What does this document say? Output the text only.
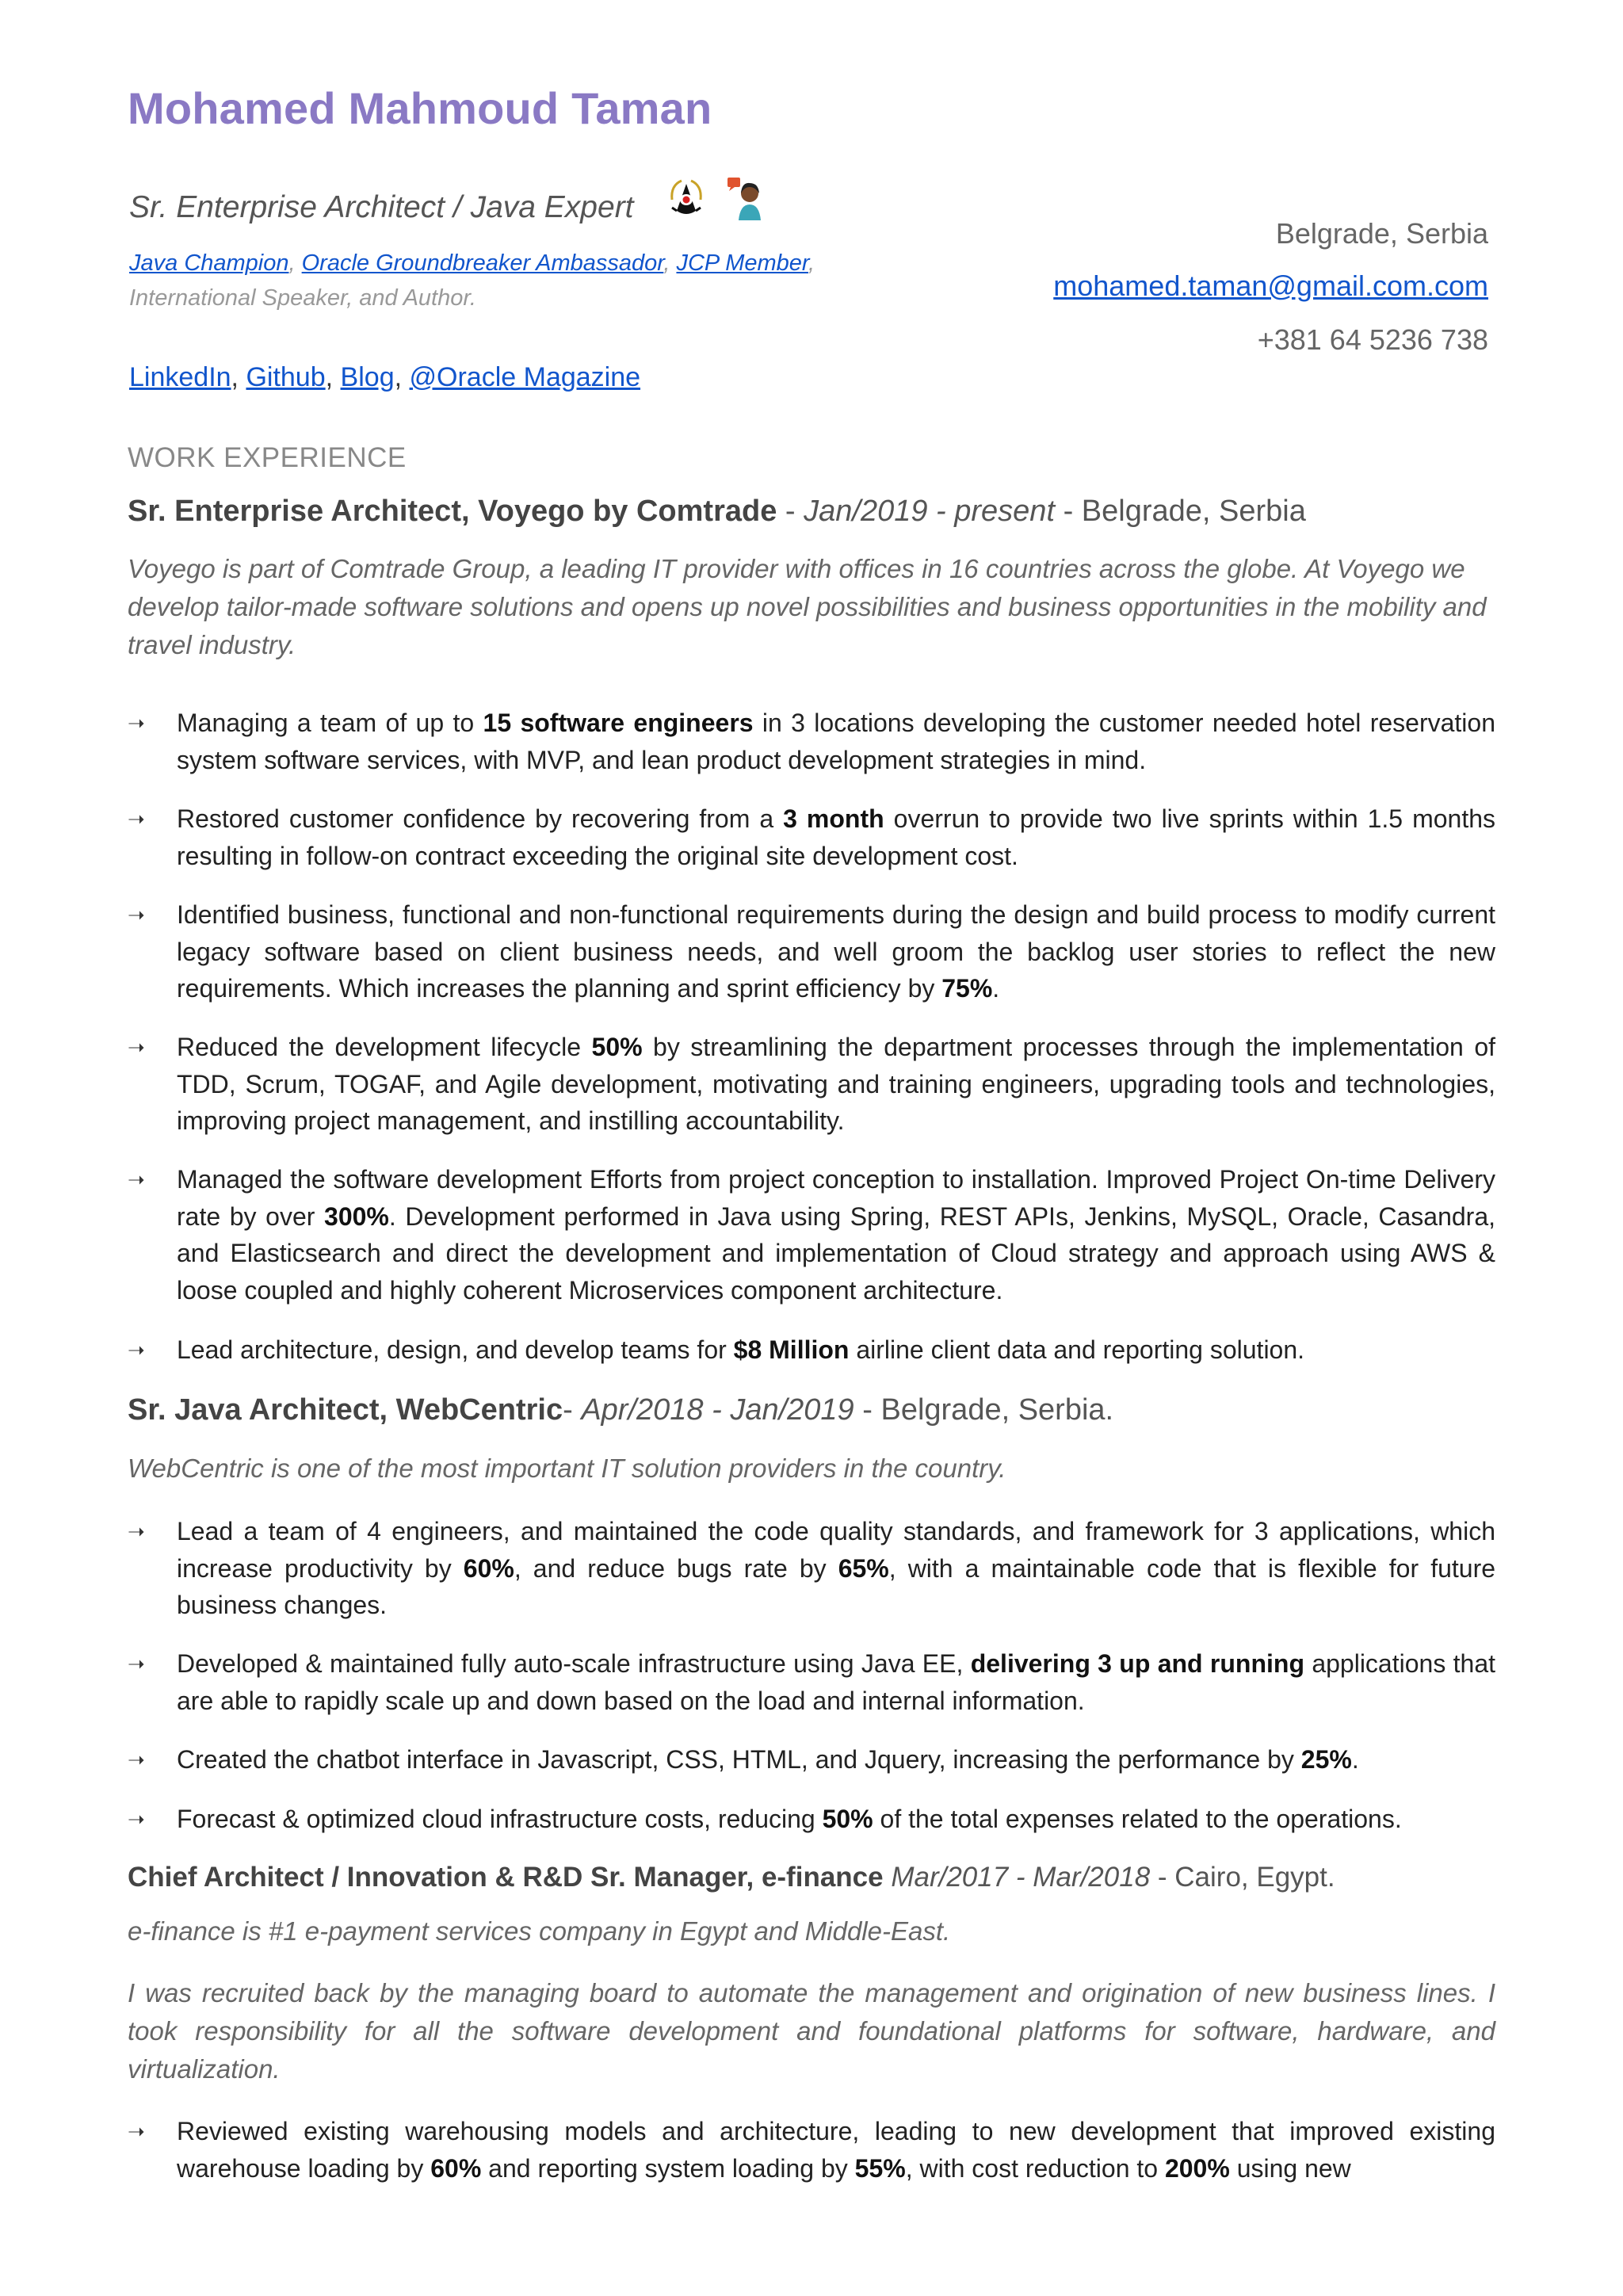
Mohamed Mahmoud Taman
Sr. Enterprise Architect / Java Expert
Java Champion, Oracle Groundbreaker Ambassador, JCP Member,
International Speaker, and Author.
LinkedIn, Github, Blog, @Oracle Magazine
Belgrade, Serbia
mohamed.taman@gmail.com.com
+381 64 5236 738
WORK EXPERIENCE
Sr. Enterprise Architect, Voyego by Comtrade - Jan/2019 - present - Belgrade, Serbia
Voyego is part of Comtrade Group, a leading IT provider with offices in 16 countries across the globe. At Voyego we develop tailor-made software solutions and opens up novel possibilities and business opportunities in the mobility and travel industry.
➝	Managing a team of up to 15 software engineers in 3 locations developing the customer needed hotel reservation system software services, with MVP, and lean product development strategies in mind.
➝	Restored customer confidence by recovering from a 3 month overrun to provide two live sprints within 1.5 months resulting in follow-on contract exceeding the original site development cost.
➝	Identified business, functional and non-functional requirements during the design and build process to modify current legacy software based on client business needs, and well groom the backlog user stories to reflect the new requirements. Which increases the planning and sprint efficiency by 75%.
➝	Reduced the development lifecycle 50% by streamlining the department processes through the implementation of TDD, Scrum, TOGAF, and Agile development, motivating and training engineers, upgrading tools and technologies, improving project management, and instilling accountability.
➝	Managed the software development Efforts from project conception to installation. Improved Project On-time Delivery rate by over 300%. Development performed in Java using Spring, REST APIs, Jenkins, MySQL, Oracle, Casandra, and Elasticsearch and direct the development and implementation of Cloud strategy and approach using AWS & loose coupled and highly coherent Microservices component architecture.
➝	Lead architecture, design, and develop teams for $8 Million airline client data and reporting solution.
Sr. Java Architect, WebCentric- Apr/2018 - Jan/2019 - Belgrade, Serbia.
WebCentric is one of the most important IT solution providers in the country.
➝	Lead a team of 4 engineers, and maintained the code quality standards, and framework for 3 applications, which increase productivity by 60%, and reduce bugs rate by 65%, with a maintainable code that is flexible for future business changes.
➝	Developed & maintained fully auto-scale infrastructure using Java EE, delivering 3 up and running applications that are able to rapidly scale up and down based on the load and internal information.
➝	Created the chatbot interface in Javascript, CSS, HTML, and Jquery, increasing the performance by 25%.
➝	Forecast & optimized cloud infrastructure costs, reducing 50% of the total expenses related to the operations.
Chief Architect / Innovation & R&D Sr. Manager, e-finance Mar/2017 - Mar/2018 - Cairo, Egypt.
e-finance is #1 e-payment services company in Egypt and Middle-East.
I was recruited back by the managing board to automate the management and origination of new business lines. I took responsibility for all the software development and foundational platforms for software, hardware, and virtualization.
➝	Reviewed existing warehousing models and architecture, leading to new development that improved existing warehouse loading by 60% and reporting system loading by 55%, with cost reduction to 200% using new
